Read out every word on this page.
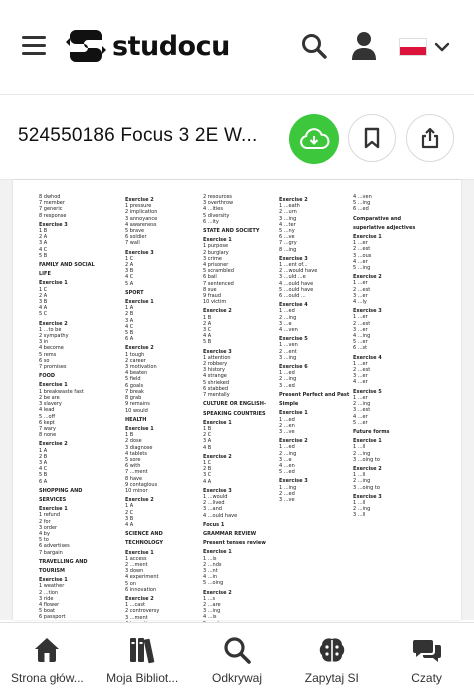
studocu
524550186 Focus 3 2E W...
8 dwhod
7 member
7 generic
8 response
Exercise 3
1 B
2 A
3 A
4 C
5 B
FAMILY AND SOCIAL
LIFE
Exercise 1
1 C
2 A
3 B
4 A
5 C
Exercise 2
1 ...to be
2 sympathy
3 in
4 become
5 rems
6 so
7 promises
FOOD
Exercise 1
1 breakwaste fast
2 be are
3 slavery
4 lead
5 ...off
6 kept
7 wary
8 none
Exercise 2
1 A
2 B
3 A
4 C
5 B
6 A
SHOPPING AND
SERVICES
Exercise 1
1 refund
2 for
3 order
4 by
5 to
6 advertises
7 bargain
TRAVELLING AND
TOURISM
Exercise 1
1 weather
2 ...tion
3 ride
4 flower
5 boat
6 passport
Exercise 2
1 pressure
2 implication
3 annoyance
4 awareness
5 brave
6 soldier
7 wall
Exercise 3
1 C
2 A
3 B
4 C
5 A
SPORT
Exercise 1
1 A
2 B
3 A
4 C
5 B
6 A
Exercise 2
1 tough
2 career
3 motivation
4 beaten
5 field
6 goals
7 break
8 grab
9 remains
10 would
HEALTH
Exercise 1
1 B
2 dose
3 diagnose
4 tablets
5 sore
6 with
7 ...ment
8 have
9 contagious
10 minor
Exercise 2
1 A
2 C
3 B
4 A
SCIENCE AND
TECHNOLOGY
Exercise 1
1 access
2 ...ment
3 down
4 experiment
5 on
6 innovation
Exercise 2
1 ...cast
2 controversy
3 ...ment
2 resources
3 overthrow
4 ...ities
5 diversity
6 ...ity
STATE AND SOCIETY
Exercise 1
1 purpose
2 burglary
3 crime
4 prisoner
5 scrambled
6 bail
7 sentenced
8 sue
9 fraud
10 victim
Exercise 2
1 B
2 A
3 C
4 A
5 B
Exercise 3
1 attention
2 robbery
3 history
4 strange
5 shrieked
6 stabbed
7 mentally
CULTURE OR ENGLISH-
SPEAKING COUNTRIES
Exercise 1
1 B
2 C
3 A
4 B
Exercise 2
1 C
2 B
3 C
4 A
Exercise 3
1 ...would
2 ...lived
3 ...and
4 ...ould have
Focus 1
GRAMMAR REVIEW
Present tenses review
Exercise 1
1 ...is
2 ...nds
3 ...nt
4 ...in
5 ...oing
Exercise 2
1 ...s
2 ...are
3 ...ing
4 ...is
Exercise 2
1 ...eath
2 ...urn
3 ...ing
4 ...ter
5 ...ny
6 ...ve
7 ...gry
8 ...ing
Exercise 3
1 ...ent of...
2 ...would have
3 ...uld ...e
4 ...ould have
5 ...ould have
6 ...ould ...
Exercise 4
1 ...ed
2 ...ing
3 ...e
4 ...ven
Exercise 5
1 ...ven
2 ...ent
3 ...ing
Exercise 6
1 ...ed
2 ...ing
3 ...ed
Present Perfect and Past
Simple
Exercise 1
1 ...ed
2 ...en
3 ...ve
Exercise 2
1 ...ed
2 ...ing
3 ...e
4 ...en
5 ...ed
Exercise 3
1 ...ing
2 ...ed
3 ...ve
4 ...ven
5 ...ing
6 ...ed
Comparative and
superlative adjectives
Exercise 1
1 ...er
2 ...est
3 ...ous
4 ...er
5 ...ing
Exercise 2
1 ...er
2 ...est
3 ...er
4 ...ly
Exercise 3
1 ...er
2 ...est
3 ...er
4 ...ing
5 ...er
6 ...st
Exercise 4
1 ...er
2 ...est
3 ...er
4 ...er
Exercise 5
1 ...er
2 ...ing
3 ...est
4 ...er
5 ...er
Future forms
Exercise 1
1 ...ll
2 ...ing
3 ...oing to
Exercise 2
1 ...ll
2 ...ing
3 ...oing to
Exercise 3
1 ...ll
2 ...ing
3 ...ll
Strona głów... Moja Bibliot...	Odkrywaj	Zapytaj SI	Czaty
